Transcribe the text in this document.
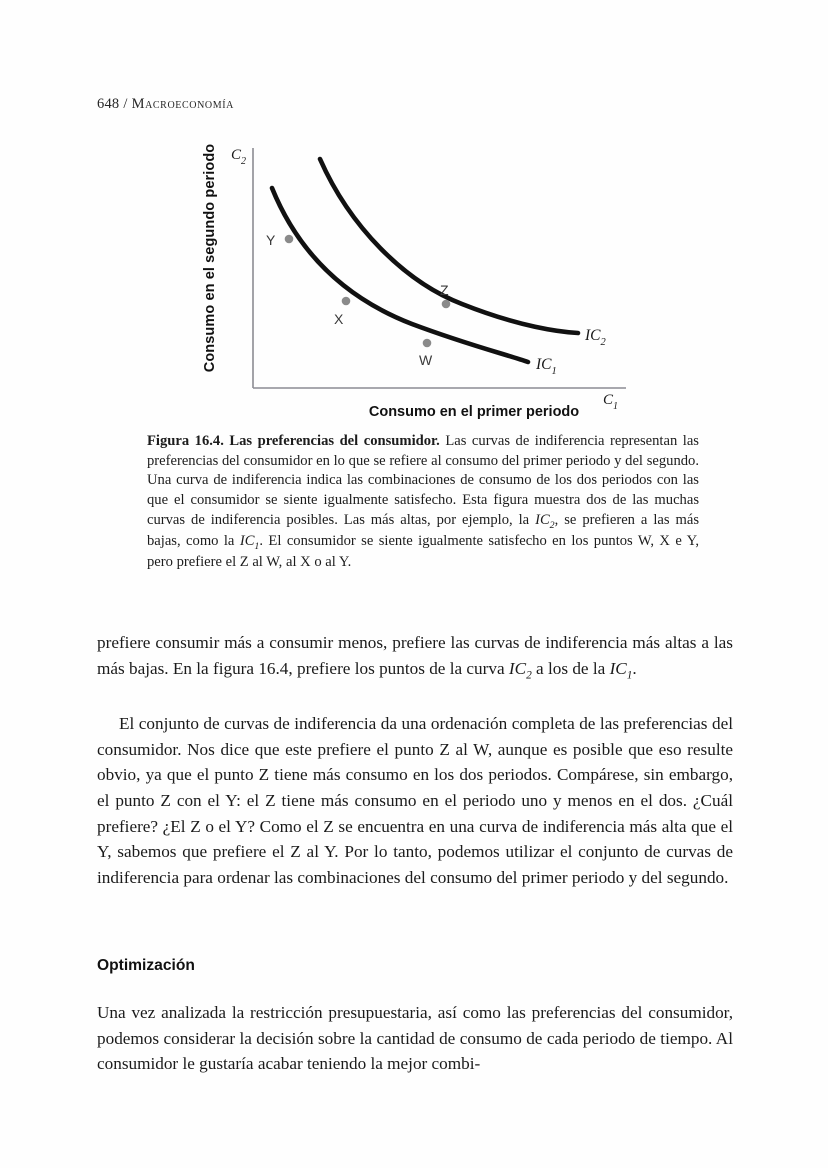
648 / Macroeconomía
Consumo en el segundo periodo $C_2$
$C_1$
Y
X
W
Z
$IC_2$
$IC_1$
Consumo en el primer periodo
Figura 16.4. Las preferencias del consumidor. Las curvas de indiferencia representan las preferencias del consumidor en lo que se refiere al consumo del primer periodo y del segundo. Una curva de indiferencia indica las combinaciones de consumo de los dos periodos con las que el consumidor se siente igualmente satisfecho. Esta figura muestra dos de las muchas curvas de indiferencia posibles. Las más altas, por ejemplo, la $IC_2$, se prefieren a las más bajas, como la $IC_1$. El consumidor se siente igualmente satisfecho en los puntos W, X e Y, pero prefiere el Z al W, al X o al Y.
prefiere consumir más a consumir menos, prefiere las curvas de indiferencia más altas a las más bajas. En la figura 16.4, prefiere los puntos de la curva $IC_2$ a los de la $IC_1$.
El conjunto de curvas de indiferencia da una ordenación completa de las preferencias del consumidor. Nos dice que este prefiere el punto Z al W, aunque es posible que eso resulte obvio, ya que el punto Z tiene más consumo en los dos periodos. Compárese, sin embargo, el punto Z con el Y: el Z tiene más consumo en el periodo uno y menos en el dos. ¿Cuál prefiere? ¿El Z o el Y? Como el Z se encuentra en una curva de indiferencia más alta que el Y, sabemos que prefiere el Z al Y. Por lo tanto, podemos utilizar el conjunto de curvas de indiferencia para ordenar las combinaciones del consumo del primer periodo y del segundo.
Optimización
Una vez analizada la restricción presupuestaria, así como las preferencias del consumidor, podemos considerar la decisión sobre la cantidad de consumo de cada periodo de tiempo. Al consumidor le gustaría acabar teniendo la mejor combi-
